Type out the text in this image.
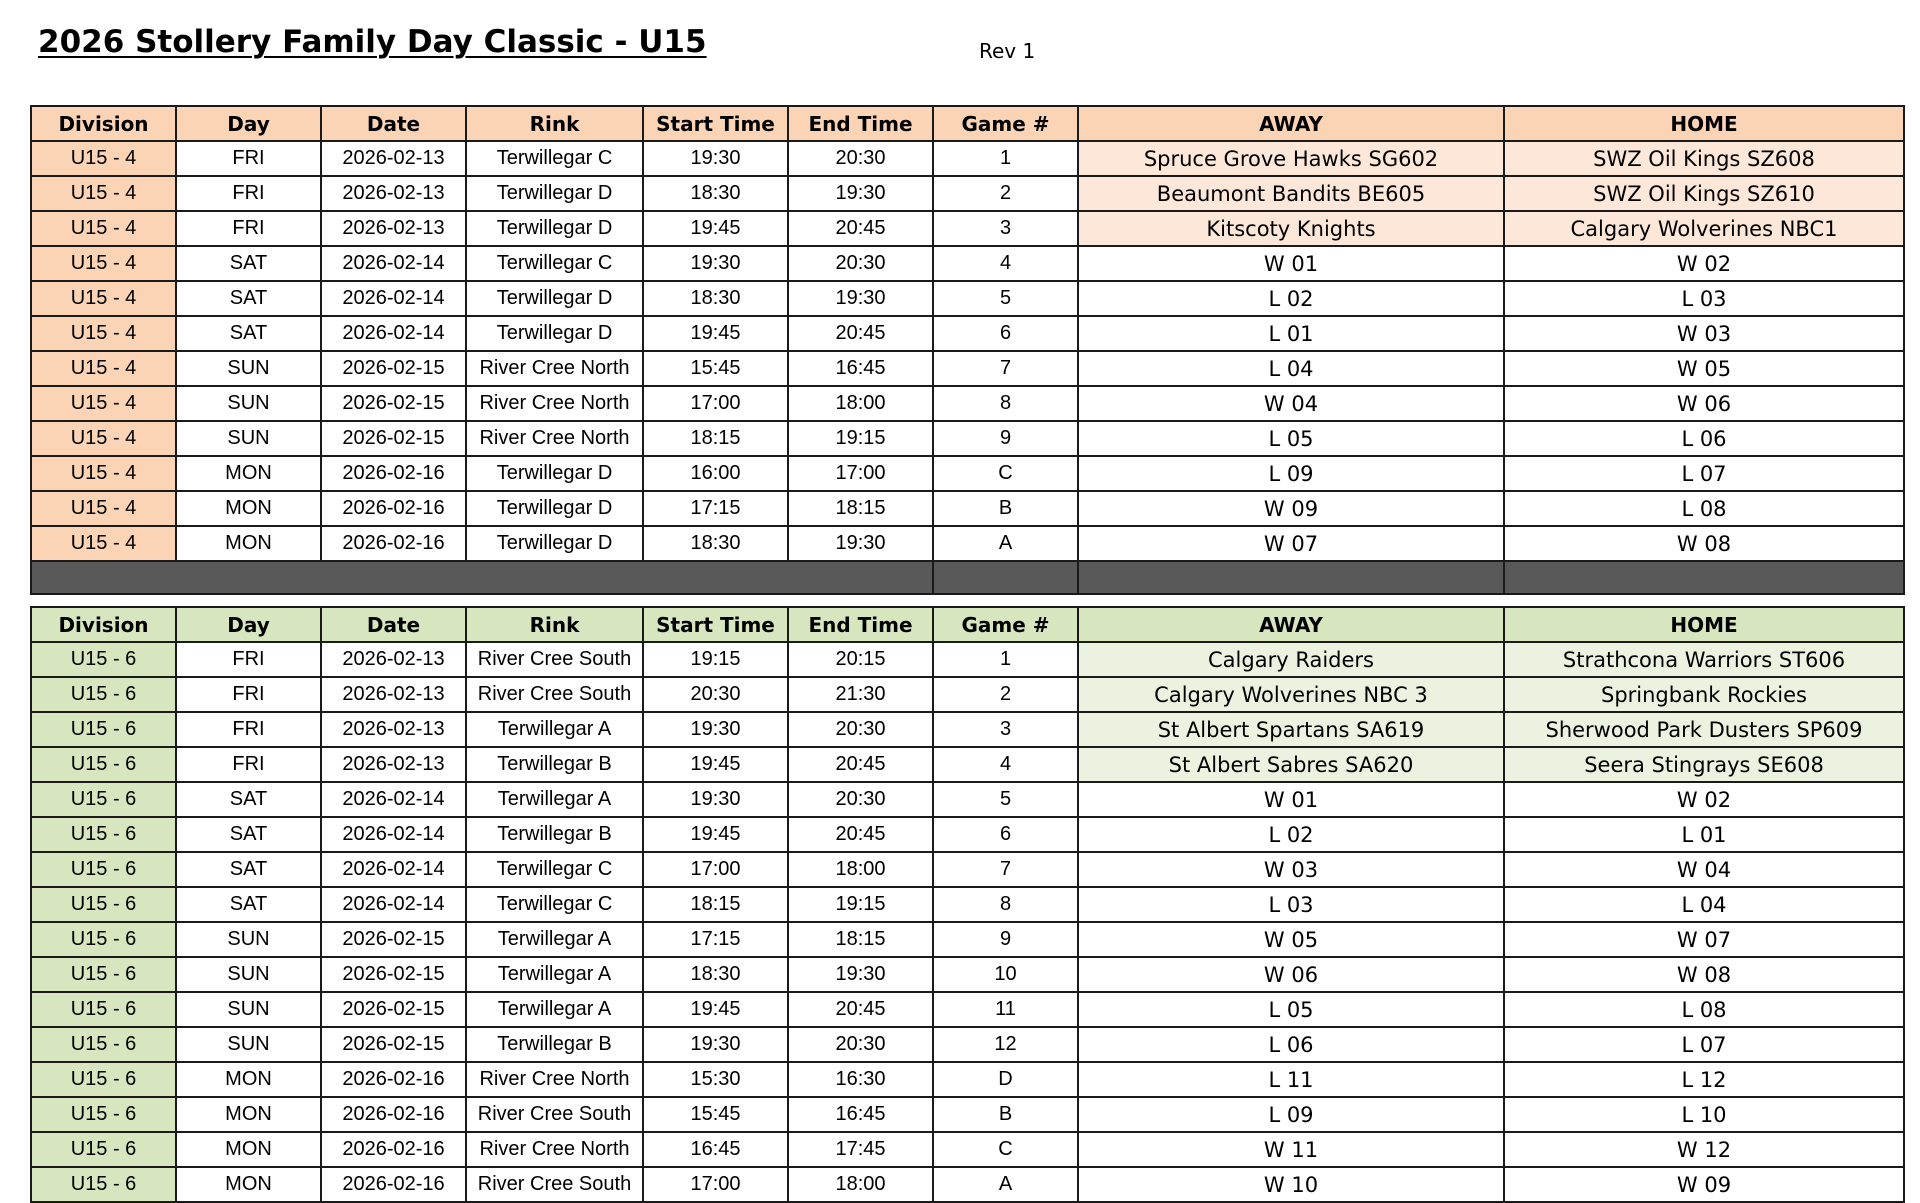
2026 Stollery Family Day Classic - U15	Rev 1
Division	Day	Date	Rink	Start Time	End Time	Game #	AWAY	HOME
U15 - 4	FRI	2026-02-13	Terwillegar C	19:30	20:30	1	Spruce Grove Hawks SG602	SWZ Oil Kings SZ608
U15 - 4	FRI	2026-02-13	Terwillegar D	18:30	19:30	2	Beaumont Bandits BE605	SWZ Oil Kings SZ610
U15 - 4	FRI	2026-02-13	Terwillegar D	19:45	20:45	3	Kitscoty Knights	Calgary Wolverines NBC1
U15 - 4	SAT	2026-02-14	Terwillegar C	19:30	20:30	4	W 01	W 02
U15 - 4	SAT	2026-02-14	Terwillegar D	18:30	19:30	5	L 02	L 03
U15 - 4	SAT	2026-02-14	Terwillegar D	19:45	20:45	6	L 01	W 03
U15 - 4	SUN	2026-02-15	River Cree North	15:45	16:45	7	L 04	W 05
U15 - 4	SUN	2026-02-15	River Cree North	17:00	18:00	8	W 04	W 06
U15 - 4	SUN	2026-02-15	River Cree North	18:15	19:15	9	L 05	L 06
U15 - 4	MON	2026-02-16	Terwillegar D	16:00	17:00	C	L 09	L 07
U15 - 4	MON	2026-02-16	Terwillegar D	17:15	18:15	B	W 09	L 08
U15 - 4	MON	2026-02-16	Terwillegar D	18:30	19:30	A	W 07	W 08

Division	Day	Date	Rink	Start Time	End Time	Game #	AWAY	HOME
U15 - 6	FRI	2026-02-13	River Cree South	19:15	20:15	1	Calgary Raiders	Strathcona Warriors ST606
U15 - 6	FRI	2026-02-13	River Cree South	20:30	21:30	2	Calgary Wolverines NBC 3	Springbank Rockies
U15 - 6	FRI	2026-02-13	Terwillegar A	19:30	20:30	3	St Albert Spartans SA619	Sherwood Park Dusters SP609
U15 - 6	FRI	2026-02-13	Terwillegar B	19:45	20:45	4	St Albert Sabres SA620	Seera Stingrays SE608
U15 - 6	SAT	2026-02-14	Terwillegar A	19:30	20:30	5	W 01	W 02
U15 - 6	SAT	2026-02-14	Terwillegar B	19:45	20:45	6	L 02	L 01
U15 - 6	SAT	2026-02-14	Terwillegar C	17:00	18:00	7	W 03	W 04
U15 - 6	SAT	2026-02-14	Terwillegar C	18:15	19:15	8	L 03	L 04
U15 - 6	SUN	2026-02-15	Terwillegar A	17:15	18:15	9	W 05	W 07
U15 - 6	SUN	2026-02-15	Terwillegar A	18:30	19:30	10	W 06	W 08
U15 - 6	SUN	2026-02-15	Terwillegar A	19:45	20:45	11	L 05	L 08
U15 - 6	SUN	2026-02-15	Terwillegar B	19:30	20:30	12	L 06	L 07
U15 - 6	MON	2026-02-16	River Cree North	15:30	16:30	D	L 11	L 12
U15 - 6	MON	2026-02-16	River Cree South	15:45	16:45	B	L 09	L 10
U15 - 6	MON	2026-02-16	River Cree North	16:45	17:45	C	W 11	W 12
U15 - 6	MON	2026-02-16	River Cree South	17:00	18:00	A	W 10	W 09
